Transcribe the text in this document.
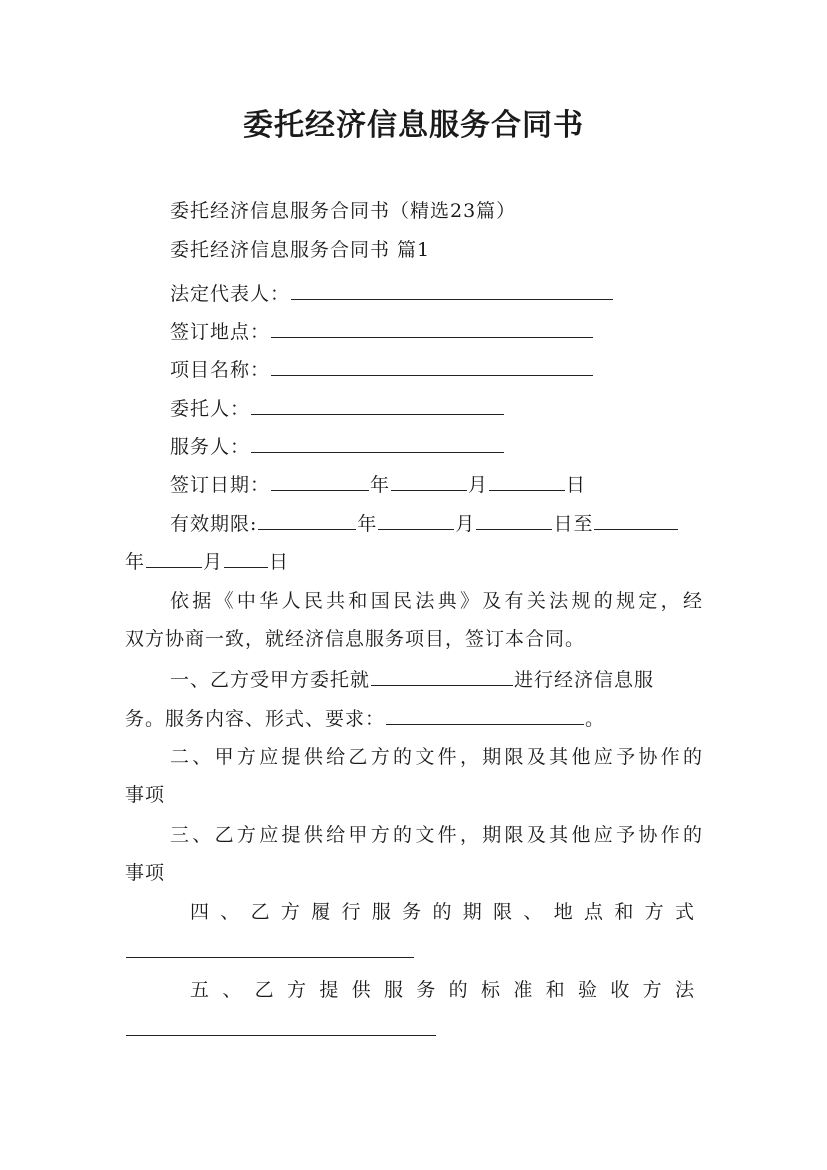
委托经济信息服务合同书
委托经济信息服务合同书（精选23篇）
委托经济信息服务合同书 篇1
法定代表人：
签订地点：
项目名称：
委托人：
服务人：
签订日期：	年	月	日
有效期限:	年	月	日至
年	月 日
依据《中华人民共和国民法典》及有关法规的规定，经
双方协商一致，就经济信息服务项目，签订本合同。
一、乙方受甲方委托就	进行经济信息服
务。服务内容、形式、要求：	。
二、甲方应提供给乙方的文件，期限及其他应予协作的
事项
三、乙方应提供给甲方的文件，期限及其他应予协作的
事项
四、乙方履行服务的期限、地点和方式
五、乙方提供服务的标准和验收方法
